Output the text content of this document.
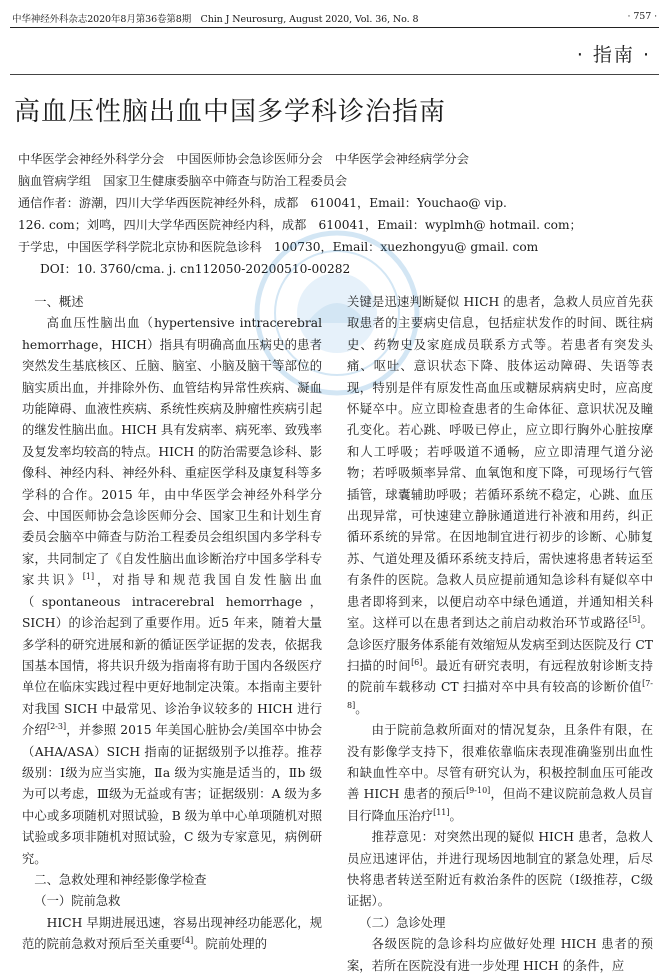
中华神经外科杂志2020年8月第36卷第8期　Chin J Neurosurg, August 2020, Vol. 36, No. 8	· 757 ·
· 指南 ·
高血压性脑出血中国多学科诊治指南
中华医学会神经外科学分会　中国医师协会急诊医师分会　中华医学会神经病学分会
脑血管病学组　国家卫生健康委脑卒中筛查与防治工程委员会
通信作者：游潮，四川大学华西医院神经外科，成都　610041，Email：Youchao@ vip.
126. com；刘鸣，四川大学华西医院神经内科，成都　610041，Email：wyplmh@ hotmail. com；
于学忠，中国医学科学院北京协和医院急诊科　100730，Email：xuezhongyu@ gmail. com
DOI：10. 3760/cma. j. cn112050-20200510-00282

一、概述

高血压性脑出血（hypertensive intracerebral hemorrhage，HICH）指具有明确高血压病史的患者突然发生基底核区、丘脑、脑室、小脑及脑干等部位的脑实质出血，并排除外伤、血管结构异常性疾病、凝血功能障碍、血液性疾病、系统性疾病及肿瘤性疾病引起的继发性脑出血。HICH 具有发病率、病死率、致残率及复发率均较高的特点。HICH 的防治需要急诊科、影像科、神经内科、神经外科、重症医学科及康复科等多学科的合作。2015 年，由中华医学会神经外科学分会、中国医师协会急诊医师分会、国家卫生和计划生育委员会脑卒中筛查与防治工程委员会组织国内多学科专家，共同制定了《自发性脑出血诊断治疗中国多学科专家共识》[1]，对指导和规范我国自发性脑出血（spontaneous intracerebral hemorrhage，SICH）的诊治起到了重要作用。近5 年来，随着大量多学科的研究进展和新的循证医学证据的发表，依据我国基本国情，将共识升级为指南将有助于国内各级医疗单位在临床实践过程中更好地制定决策。本指南主要针对我国 SICH 中最常见、诊治争议较多的 HICH 进行介绍[2-3]，并参照 2015 年美国心脏协会/美国卒中协会（AHA/ASA）SICH 指南的证据级别予以推荐。推荐级别：Ⅰ级为应当实施，Ⅱa 级为实施是适当的，Ⅱb 级为可以考虑，Ⅲ级为无益或有害；证据级别：A 级为多中心或多项随机对照试验，B 级为单中心单项随机对照试验或多项非随机对照试验，C 级为专家意见，病例研究。

二、急救处理和神经影像学检查

（一）院前急救

HICH 早期进展迅速，容易出现神经功能恶化，规范的院前急救对预后至关重要[4]。院前处理的

关键是迅速判断疑似 HICH 的患者，急救人员应首先获取患者的主要病史信息，包括症状发作的时间、既往病史、药物史及家庭成员联系方式等。若患者有突发头痛、呕吐、意识状态下降、肢体运动障碍、失语等表现，特别是伴有原发性高血压或糖尿病病史时，应高度怀疑卒中。应立即检查患者的生命体征、意识状况及瞳孔变化。若心跳、呼吸已停止，应立即行胸外心脏按摩和人工呼吸；若呼吸道不通畅，应立即清理气道分泌物；若呼吸频率异常、血氧饱和度下降，可现场行气管插管，球囊辅助呼吸；若循环系统不稳定，心跳、血压出现异常，可快速建立静脉通道进行补液和用药，纠正循环系统的异常。在因地制宜进行初步的诊断、心肺复苏、气道处理及循环系统支持后，需快速将患者转运至有条件的医院。急救人员应提前通知急诊科有疑似卒中患者即将到来，以便启动卒中绿色通道，并通知相关科室。这样可以在患者到达之前启动救治环节或路径[5]。急诊医疗服务体系能有效缩短从发病至到达医院及行 CT 扫描的时间[6]。最近有研究表明，有远程放射诊断支持的院前车载移动 CT 扫描对卒中具有较高的诊断价值[7-8]。

由于院前急救所面对的情况复杂，且条件有限，在没有影像学支持下，很难依靠临床表现准确鉴别出血性和缺血性卒中。尽管有研究认为，积极控制血压可能改善 HICH 患者的预后[9-10]，但尚不建议院前急救人员盲目行降血压治疗[11]。

推荐意见：对突然出现的疑似 HICH 患者，急救人员应迅速评估，并进行现场因地制宜的紧急处理，后尽快将患者转送至附近有救治条件的医院（Ⅰ级推荐，C级证据）。

（二）急诊处理

各级医院的急诊科均应做好处理 HICH 患者的预案，若所在医院没有进一步处理 HICH 的条件，应
